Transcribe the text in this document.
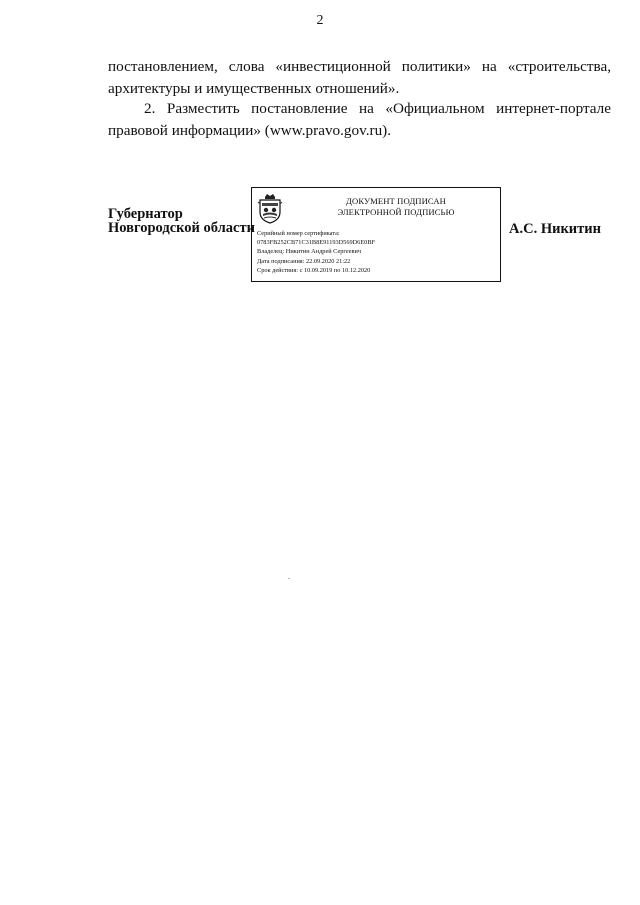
2

постановлением, слова «инвестиционной политики» на «строительства, архитектуры и имущественных отношений».

2. Разместить постановление на «Официальном интернет-портале правовой информации» (www.pravo.gov.ru).

Губернатор
Новгородской области
ДОКУМЕНТ ПОДПИСАН
ЭЛЕКТРОННОЙ ПОДПИСЬЮ
Серийный номер сертификата:
0783FB252CB71C31B8E91193D569D6E0BF
Владелец: Никитин Андрей Сергеевич
Дата подписания: 22.09.2020 21:22
Срок действия: с 10.09.2019 по 10.12.2020
А.С. Никитин
